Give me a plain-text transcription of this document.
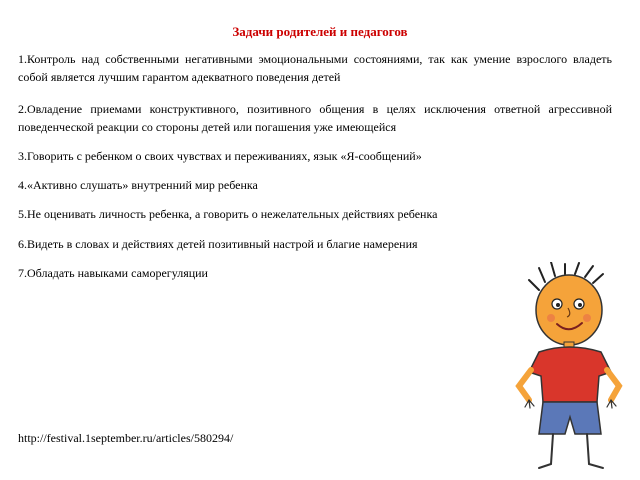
Задачи родителей и педагогов
1.Контроль над собственными негативными эмоциональными состояниями, так как умение взрослого владеть собой является лучшим гарантом адекватного поведения детей
2.Овладение приемами конструктивного, позитивного общения в целях исключения ответной агрессивной поведенческой реакции со стороны детей или погашения уже имеющейся
3.Говорить с ребенком о своих чувствах и переживаниях, язык «Я-сообщений»
4.«Активно слушать» внутренний мир ребенка
5.Не оценивать личность ребенка, а говорить о нежелательных действиях ребенка
6.Видеть в словах и действиях детей позитивный настрой и благие намерения
7.Обладать навыками саморегуляции
http://festival.1september.ru/articles/580294/
